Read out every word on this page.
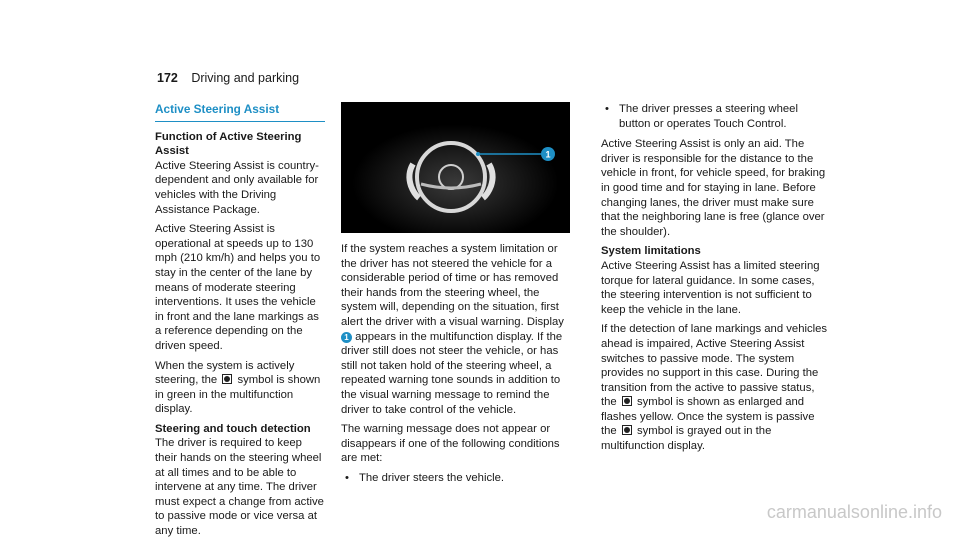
172 Driving and parking
Active Steering Assist
Function of Active Steering Assist

Active Steering Assist is country-dependent and only available for vehicles with the Driving Assistance Package.

Active Steering Assist is operational at speeds up to 130 mph (210 km/h) and helps you to stay in the center of the lane by means of moderate steering interventions. It uses the vehicle in front and the lane markings as a reference depending on the driven speed.

When the system is actively steering, the symbol is shown in green in the multifunction display.

Steering and touch detection

The driver is required to keep their hands on the steering wheel at all times and to be able to intervene at any time. The driver must expect a change from active to passive mode or vice versa at any time.

1

If the system reaches a system limitation or the driver has not steered the vehicle for a considerable period of time or has removed their hands from the steering wheel, the system will, depending on the situation, first alert the driver with a visual warning. Display 1 appears in the multifunction display. If the driver still does not steer the vehicle, or has still not taken hold of the steering wheel, a repeated warning tone sounds in addition to the visual warning message to remind the driver to take control of the vehicle.

The warning message does not appear or disappears if one of the following conditions are met:

• The driver steers the vehicle.
• The driver presses a steering wheel button or operates Touch Control.

Active Steering Assist is only an aid. The driver is responsible for the distance to the vehicle in front, for vehicle speed, for braking in good time and for staying in lane. Before changing lanes, the driver must make sure that the neighboring lane is free (glance over the shoulder).

System limitations

Active Steering Assist has a limited steering torque for lateral guidance. In some cases, the steering intervention is not sufficient to keep the vehicle in the lane.

If the detection of lane markings and vehicles ahead is impaired, Active Steering Assist switches to passive mode. The system provides no support in this case. During the transition from the active to passive status, the symbol is shown as enlarged and flashes yellow. Once the system is passive the symbol is grayed out in the multifunction display.

carmanualsonline.info
